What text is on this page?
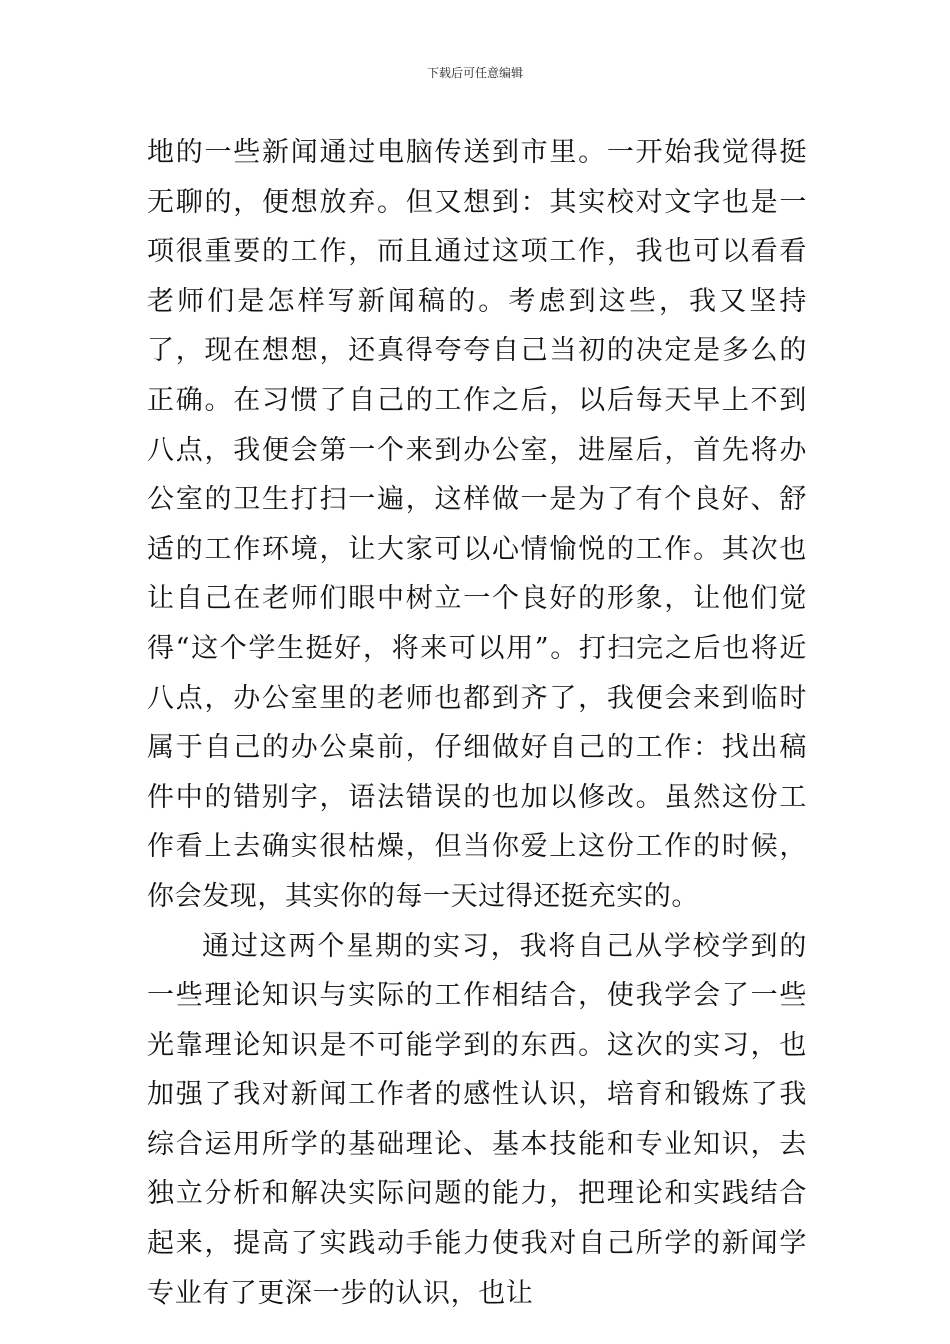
下载后可任意编辑

地的一些新闻通过电脑传送到市里。一开始我觉得挺无聊的，便想放弃。但又想到：其实校对文字也是一项很重要的工作，而且通过这项工作，我也可以看看老师们是怎样写新闻稿的。考虑到这些，我又坚持了，现在想想，还真得夸夸自己当初的决定是多么的正确。在习惯了自己的工作之后，以后每天早上不到八点，我便会第一个来到办公室，进屋后，首先将办公室的卫生打扫一遍，这样做一是为了有个良好、舒适的工作环境，让大家可以心情愉悦的工作。其次也让自己在老师们眼中树立一个良好的形象，让他们觉得“这个学生挺好，将来可以用”。打扫完之后也将近八点，办公室里的老师也都到齐了，我便会来到临时属于自己的办公桌前，仔细做好自己的工作：找出稿件中的错别字，语法错误的也加以修改。虽然这份工作看上去确实很枯燥，但当你爱上这份工作的时候，你会发现，其实你的每一天过得还挺充实的。

通过这两个星期的实习，我将自己从学校学到的一些理论知识与实际的工作相结合，使我学会了一些光靠理论知识是不可能学到的东西。这次的实习，也加强了我对新闻工作者的感性认识，培育和锻炼了我综合运用所学的基础理论、基本技能和专业知识，去独立分析和解决实际问题的能力，把理论和实践结合起来，提高了实践动手能力使我对自己所学的新闻学专业有了更深一步的认识，也让
